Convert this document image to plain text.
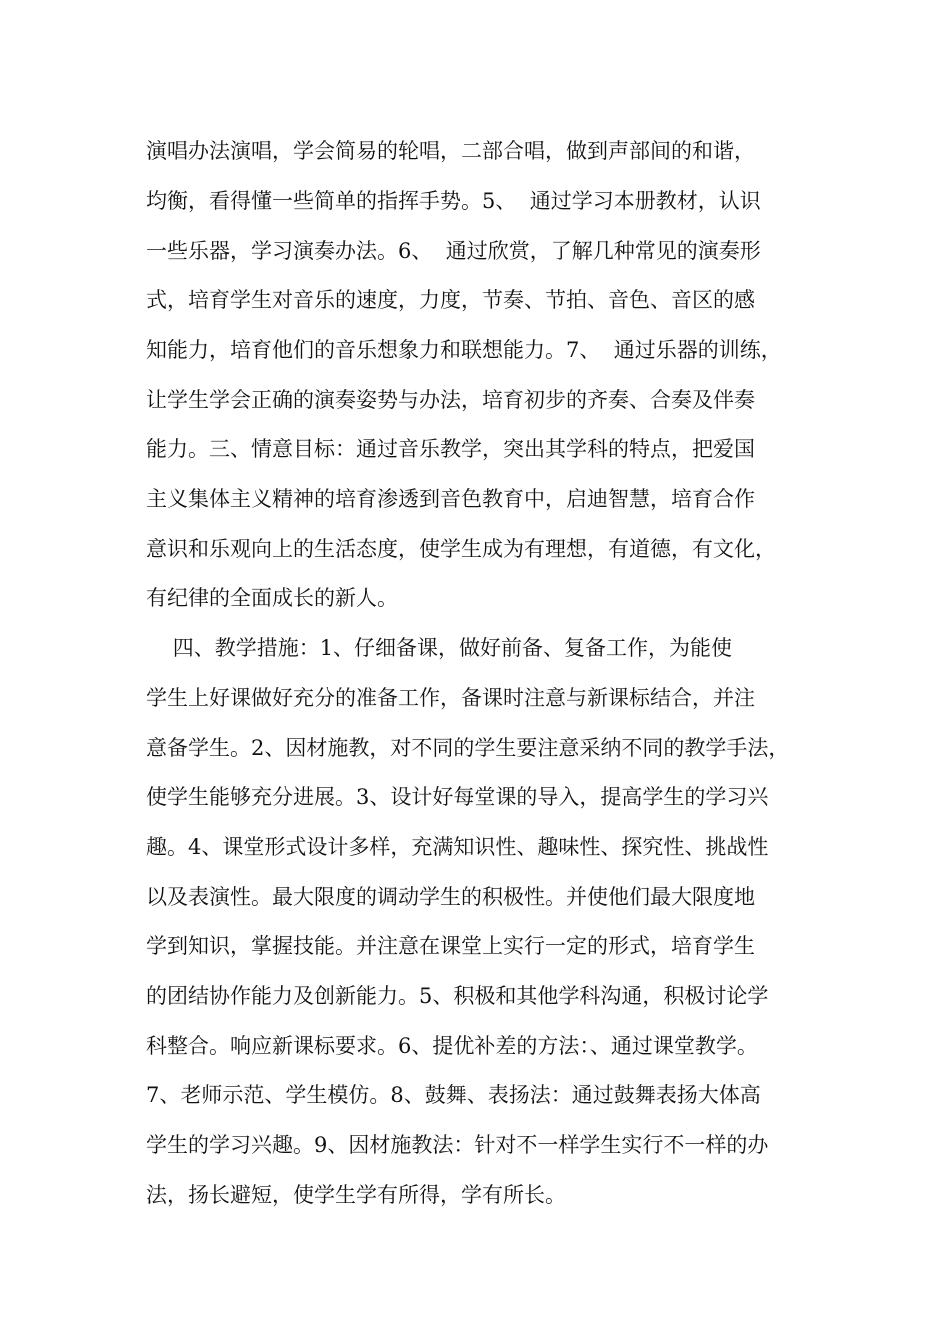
演唱办法演唱，学会简易的轮唱，二部合唱，做到声部间的和谐，
均衡，看得懂一些简单的指挥手势。5、  通过学习本册教材，认识
一些乐器，学习演奏办法。6、  通过欣赏，了解几种常见的演奏形
式，培育学生对音乐的速度，力度，节奏、节拍、音色、音区的感
知能力，培育他们的音乐想象力和联想能力。7、  通过乐器的训练，
让学生学会正确的演奏姿势与办法，培育初步的齐奏、合奏及伴奏
能力。三、情意目标：通过音乐教学，突出其学科的特点，把爱国
主义集体主义精神的培育渗透到音色教育中，启迪智慧，培育合作
意识和乐观向上的生活态度，使学生成为有理想，有道德，有文化，
有纪律的全面成长的新人。
四、教学措施：1、仔细备课，做好前备、复备工作，为能使
学生上好课做好充分的准备工作，备课时注意与新课标结合，并注
意备学生。2、因材施教，对不同的学生要注意采纳不同的教学手法，
使学生能够充分进展。3、设计好每堂课的导入，提高学生的学习兴
趣。4、课堂形式设计多样，充满知识性、趣味性、探究性、挑战性
以及表演性。最大限度的调动学生的积极性。并使他们最大限度地
学到知识，掌握技能。并注意在课堂上实行一定的形式，培育学生
的团结协作能力及创新能力。5、积极和其他学科沟通，积极讨论学
科整合。响应新课标要求。6、提优补差的方法：、通过课堂教学。
7、老师示范、学生模仿。8、鼓舞、表扬法：通过鼓舞表扬大体高
学生的学习兴趣。9、因材施教法：针对不一样学生实行不一样的办
法，扬长避短，使学生学有所得，学有所长。
